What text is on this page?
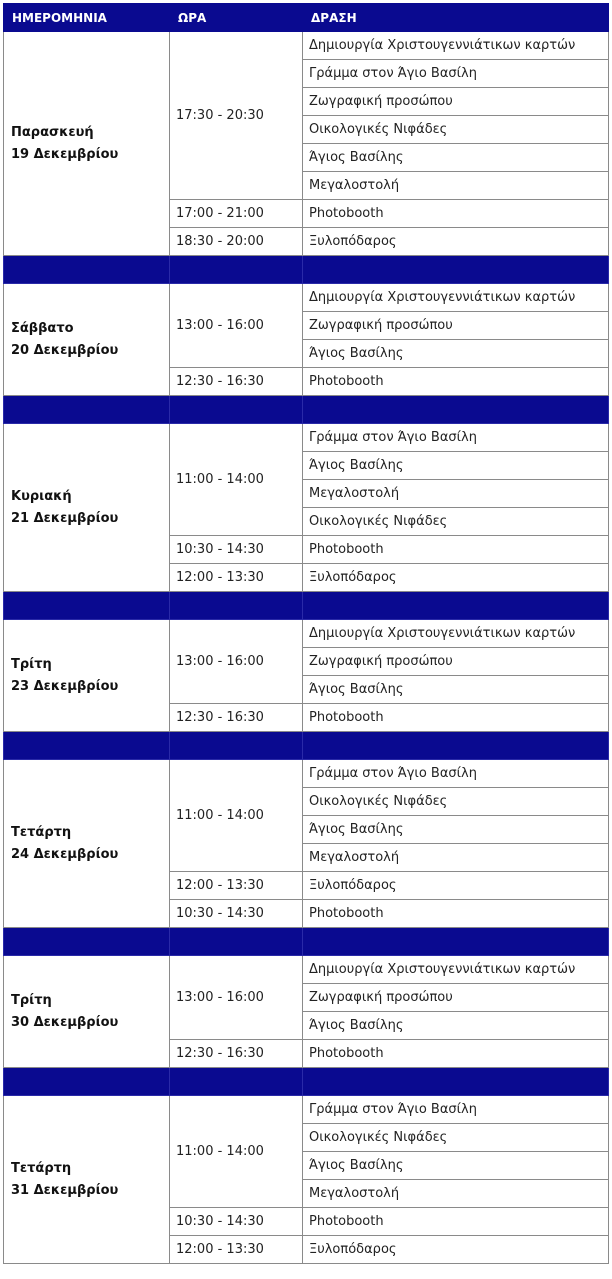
ΗΜΕΡΟΜΗΝΙΑ	ΩΡΑ	ΔΡΑΣΗ

Παρασκευή
19 Δεκεμβρίου	17:30 - 20:30	Δημιουργία Χριστουγεννιάτικων καρτών
		Γράμμα στον Άγιο Βασίλη
		Ζωγραφική προσώπου
		Οικολογικές Νιφάδες
		Άγιος Βασίλης
		Μεγαλοστολή
	17:00 - 21:00	Photobooth
	18:30 - 20:00	Ξυλοπόδαρος

Σάββατο
20 Δεκεμβρίου	13:00 - 16:00	Δημιουργία Χριστουγεννιάτικων καρτών
		Ζωγραφική προσώπου
		Άγιος Βασίλης
	12:30 - 16:30	Photobooth

Κυριακή
21 Δεκεμβρίου	11:00 - 14:00	Γράμμα στον Άγιο Βασίλη
		Άγιος Βασίλης
		Μεγαλοστολή
		Οικολογικές Νιφάδες
	10:30 - 14:30	Photobooth
	12:00 - 13:30	Ξυλοπόδαρος

Τρίτη
23 Δεκεμβρίου	13:00 - 16:00	Δημιουργία Χριστουγεννιάτικων καρτών
		Ζωγραφική προσώπου
		Άγιος Βασίλης
	12:30 - 16:30	Photobooth

Τετάρτη
24 Δεκεμβρίου	11:00 - 14:00	Γράμμα στον Άγιο Βασίλη
		Οικολογικές Νιφάδες
		Άγιος Βασίλης
		Μεγαλοστολή
	12:00 - 13:30	Ξυλοπόδαρος
	10:30 - 14:30	Photobooth

Τρίτη
30 Δεκεμβρίου	13:00 - 16:00	Δημιουργία Χριστουγεννιάτικων καρτών
		Ζωγραφική προσώπου
		Άγιος Βασίλης
	12:30 - 16:30	Photobooth

Τετάρτη
31 Δεκεμβρίου	11:00 - 14:00	Γράμμα στον Άγιο Βασίλη
		Οικολογικές Νιφάδες
		Άγιος Βασίλης
		Μεγαλοστολή
	10:30 - 14:30	Photobooth
	12:00 - 13:30	Ξυλοπόδαρος
